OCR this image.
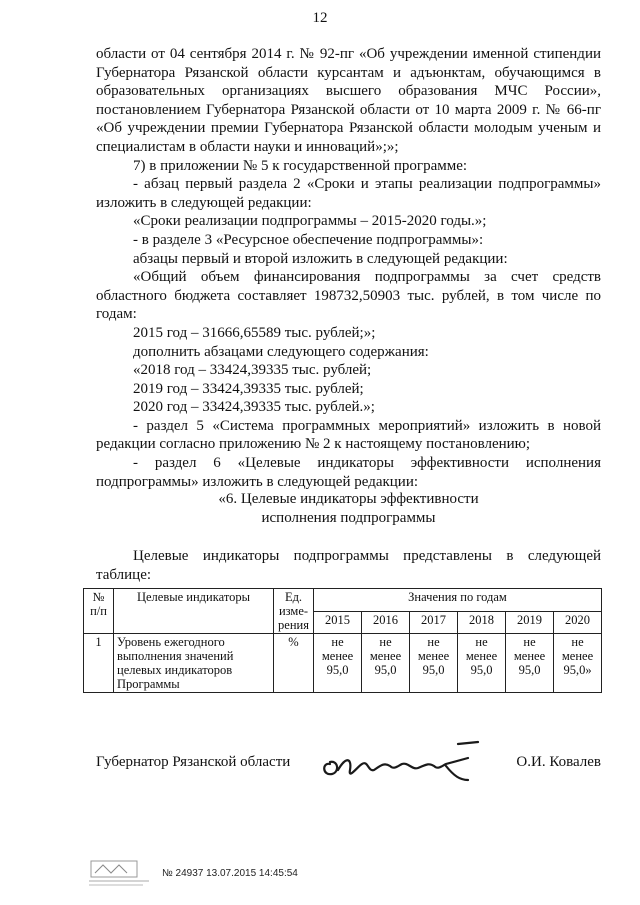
12

области от 04 сентября 2014 г. № 92-пг «Об учреждении именной стипендии Губернатора Рязанской области курсантам и адъюнктам, обучающимся в образовательных организациях высшего образования МЧС России», постановлением Губернатора Рязанской области от 10 марта 2009 г. № 66-пг «Об учреждении премии Губернатора Рязанской области молодым ученым и специалистам в области науки и инноваций»;»;

7) в приложении № 5 к государственной программе:

- абзац первый раздела 2 «Сроки и этапы реализации подпрограммы» изложить в следующей редакции:

«Сроки реализации подпрограммы – 2015-2020 годы.»;

- в разделе 3 «Ресурсное обеспечение подпрограммы»:

абзацы первый и второй изложить в следующей редакции:

«Общий объем финансирования подпрограммы за счет средств областного бюджета составляет 198732,50903 тыс. рублей, в том числе по годам:

2015 год – 31666,65589 тыс. рублей;»;

дополнить абзацами следующего содержания:

«2018 год – 33424,39335 тыс. рублей;

2019 год – 33424,39335 тыс. рублей;

2020 год – 33424,39335 тыс. рублей.»;

- раздел 5 «Система программных мероприятий» изложить в новой редакции согласно приложению № 2 к настоящему постановлению;

- раздел 6 «Целевые индикаторы эффективности исполнения подпрограммы» изложить в следующей редакции:

«6. Целевые индикаторы эффективности
исполнения подпрограммы
Целевые индикаторы подпрограммы представлены в следующей таблице:
№ п/п	Целевые индикаторы	Ед. изме-рения	Значения по годам					
			2015	2016	2017	2018	2019	2020
1	Уровень ежегодного выполнения значений целевых индикаторов Программы	%	не менее 95,0	не менее 95,0	не менее 95,0	не менее 95,0	не менее 95,0	не менее 95,0»
Губернатор Рязанской области	О.И. Ковалев
№ 24937 13.07.2015 14:45:54
